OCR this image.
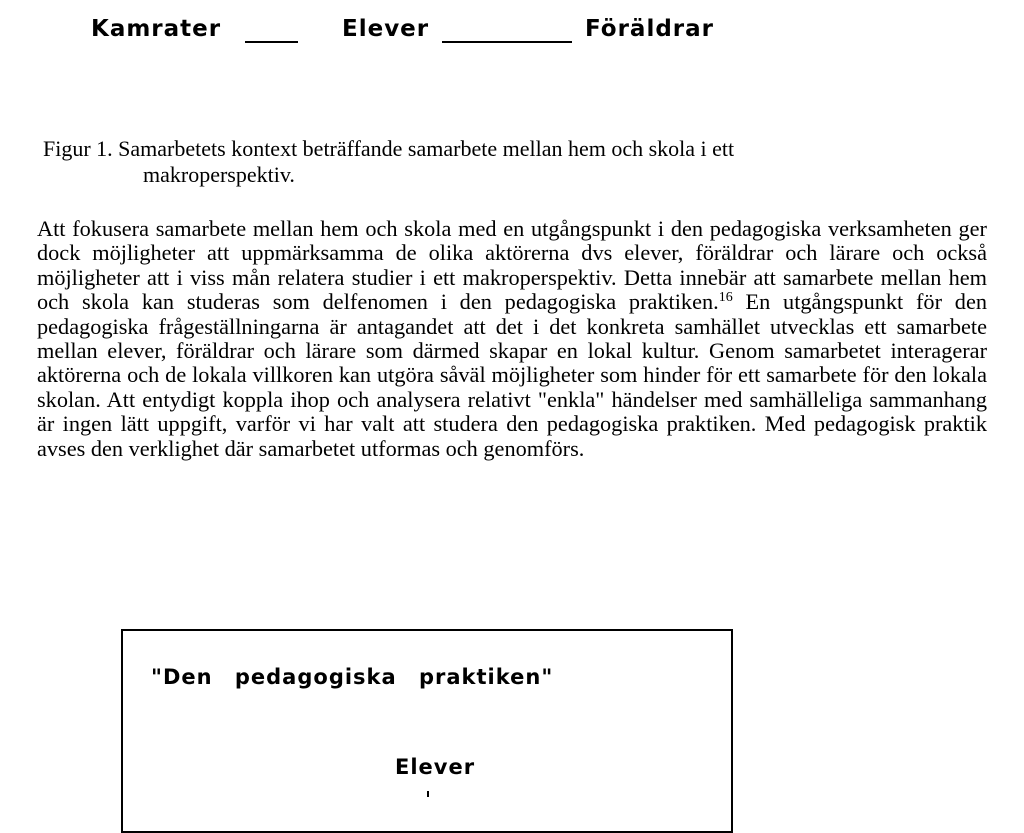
Kamrater	Elever	Föräldrar
Figur 1. Samarbetets kontext beträffande samarbete mellan hem och skola i ett
makroperspektiv.
Att fokusera samarbete mellan hem och skola med en utgångspunkt i den pedagogiska verksamheten ger dock möjligheter att uppmärksamma de olika aktörerna dvs elever, föräldrar och lärare och också möjligheter att i viss mån relatera studier i ett makroperspektiv. Detta innebär att samarbete mellan hem och skola kan studeras som delfenomen i den pedagogiska praktiken.$^{16}$ En utgångspunkt för den pedagogiska frågeställningarna är antagandet att det i det konkreta samhället utvecklas ett samarbete mellan elever, föräldrar och lärare som därmed skapar en lokal kultur. Genom samarbetet interagerar aktörerna och de lokala villkoren kan utgöra såväl möjligheter som hinder för ett samarbete för den lokala skolan. Att entydigt koppla ihop och analysera relativt "enkla" händelser med samhälleliga sammanhang är ingen lätt uppgift, varför vi har valt att studera den pedagogiska praktiken. Med pedagogisk praktik avses den verklighet där samarbetet utformas och genomförs.
"Den pedagogiska praktiken"
Elever
